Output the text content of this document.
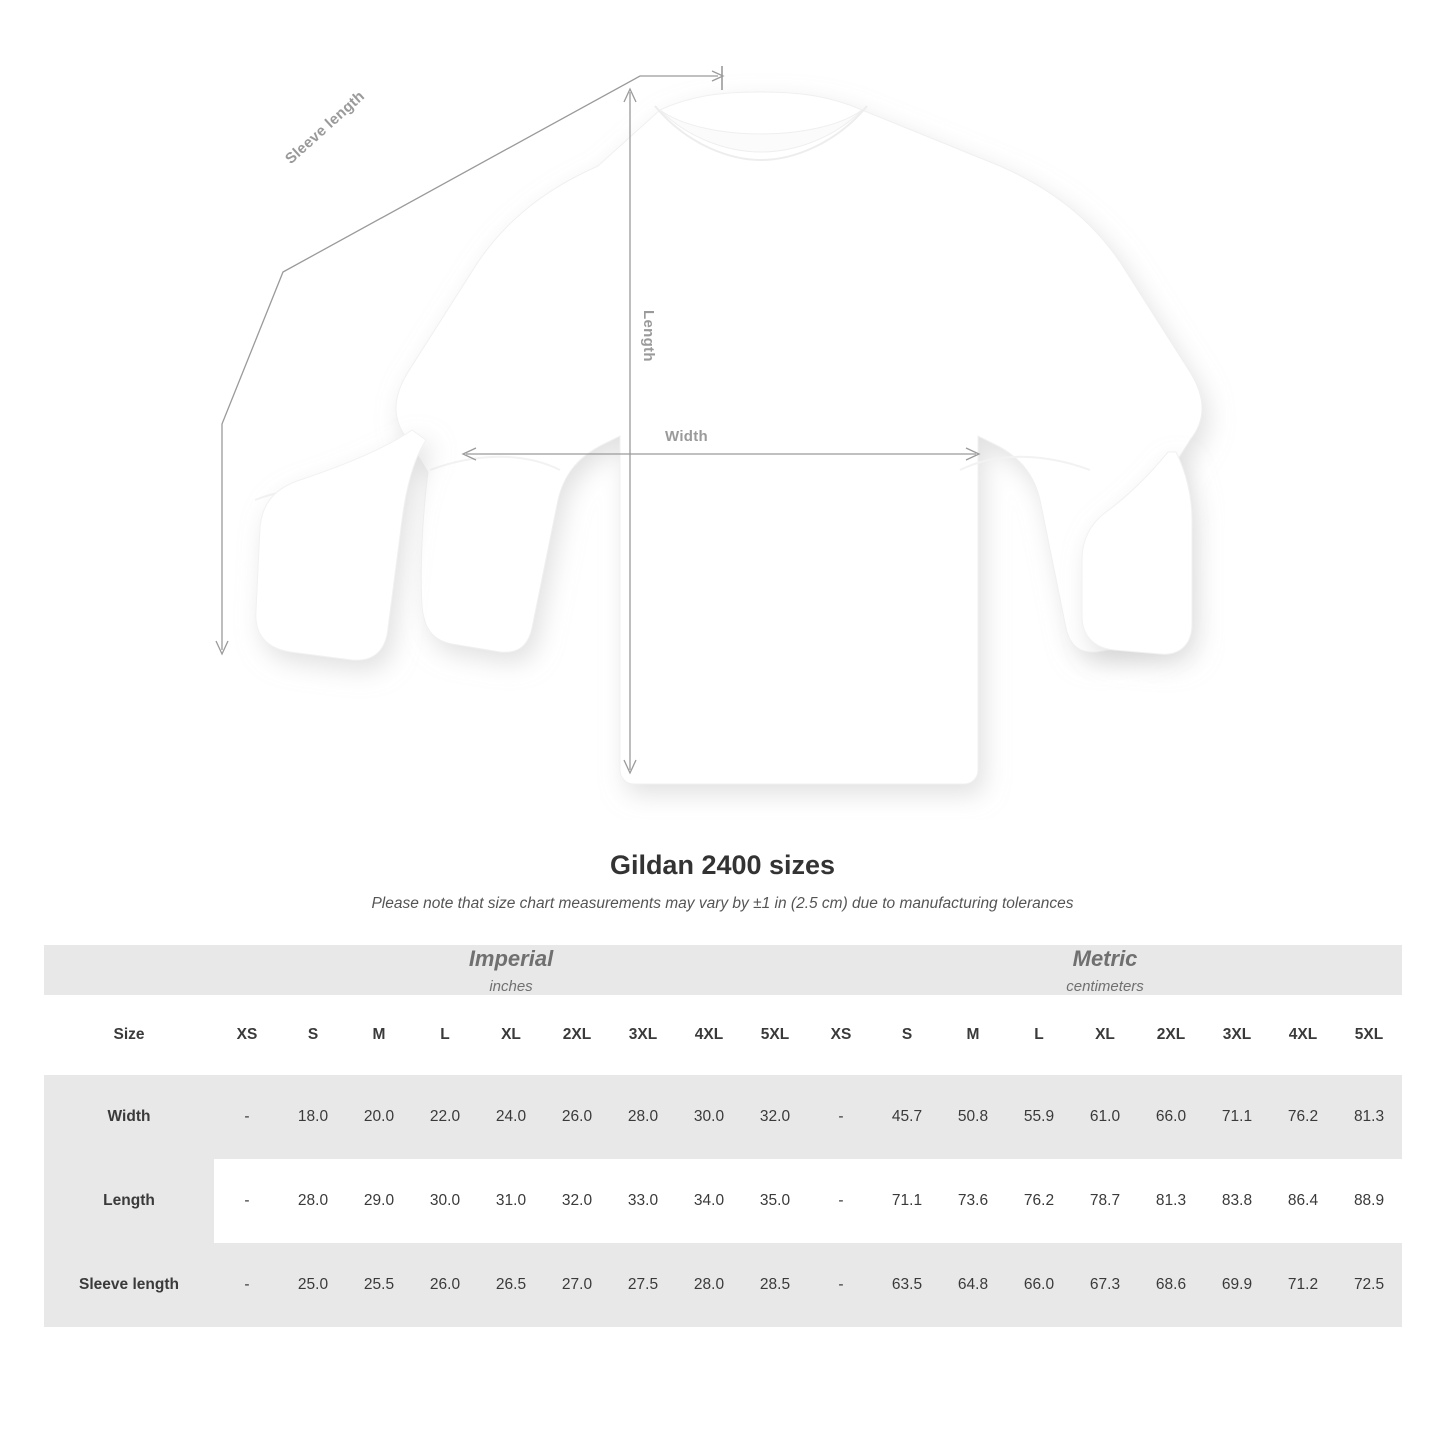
Sleeve length
Length
Width
Gildan 2400 sizes
Please note that size chart measurements may vary by ±1 in (2.5 cm) due to manufacturing tolerances

Imperial
inches

Metric
centimeters

Size	XS	S	M	L	XL	2XL	3XL	4XL	5XL	XS	S	M	L	XL	2XL	3XL	4XL	5XL
Width	-	18.0	20.0	22.0	24.0	26.0	28.0	30.0	32.0	-	45.7	50.8	55.9	61.0	66.0	71.1	76.2	81.3
Length	-	28.0	29.0	30.0	31.0	32.0	33.0	34.0	35.0	-	71.1	73.6	76.2	78.7	81.3	83.8	86.4	88.9
Sleeve length	-	25.0	25.5	26.0	26.5	27.0	27.5	28.0	28.5	-	63.5	64.8	66.0	67.3	68.6	69.9	71.2	72.5
